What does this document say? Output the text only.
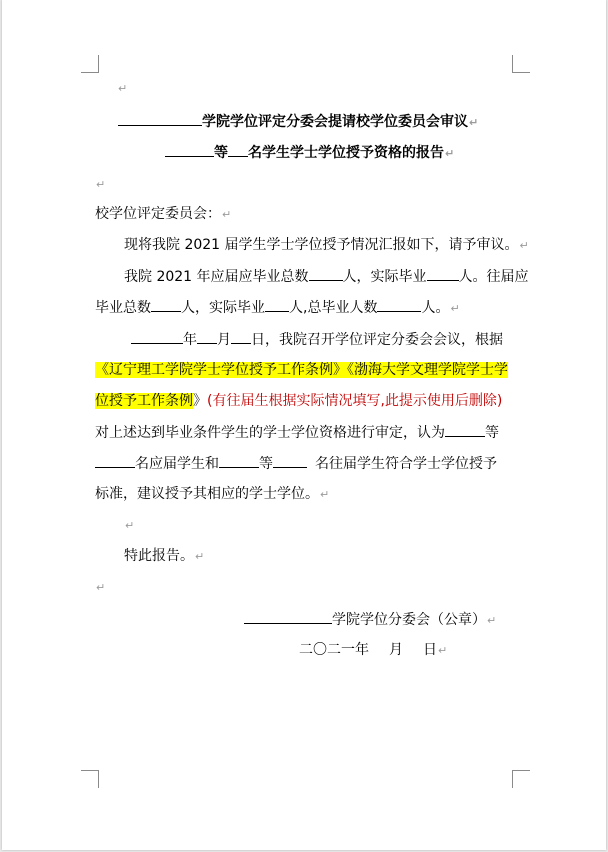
↵
学院学位评定分委会提请校学位委员会审议↵
等 名学生学士学位授予资格的报告↵
↵
校学位评定委员会：↵
现将我院 2021 届学生学士学位授予情况汇报如下，请予审议。↵
我院 2021 年应届应毕业总数 人，实际毕业 人。往届应
毕业总数 人，实际毕业 人,总毕业人数	人。↵
年 月 日，我院召开学位评定分委会会议，根据
《辽宁理工学院学士学位授予工作条例》《渤海大学文理学院学士学
位授予工作条例》(有往届生根据实际情况填写,此提示使用后删除)
对上述达到毕业条件学生的学士学位资格进行审定，认为	等
名应届学生和	等	名往届学生符合学士学位授予
标准，建议授予其相应的学士学位。↵
↵
特此报告。↵
↵
学院学位分委会（公章）↵
二〇二一年 月 日↵
